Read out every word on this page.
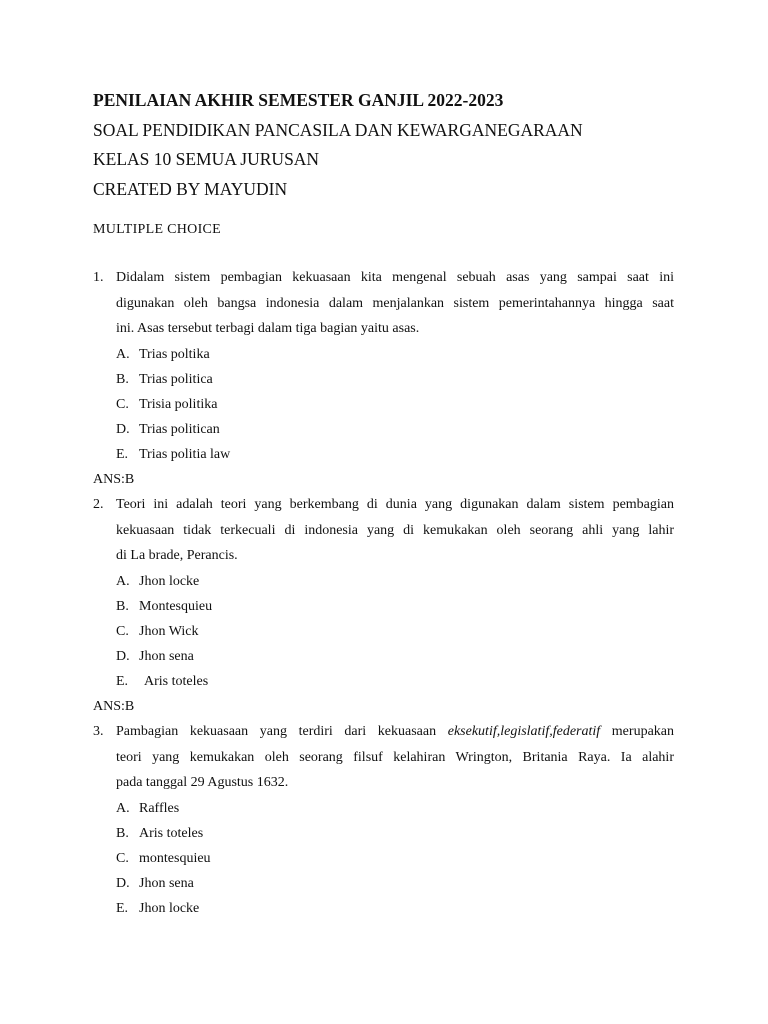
PENILAIAN AKHIR SEMESTER GANJIL 2022-2023
SOAL PENDIDIKAN PANCASILA DAN KEWARGANEGARAAN
KELAS 10 SEMUA JURUSAN
CREATED BY MAYUDIN
MULTIPLE CHOICE
1. Didalam sistem pembagian kekuasaan kita mengenal sebuah asas yang sampai saat ini
digunakan oleh bangsa indonesia dalam menjalankan sistem pemerintahannya hingga saat
ini. Asas tersebut terbagi dalam tiga bagian yaitu asas.
A. Trias poltika
B. Trias politica
C. Trisia politika
D. Trias politican
E. Trias politia law
ANS:B
2. Teori ini adalah teori yang berkembang di dunia yang digunakan dalam sistem pembagian
kekuasaan tidak terkecuali di indonesia yang di kemukakan oleh seorang ahli yang lahir
di La brade, Perancis.
A. Jhon locke
B. Montesquieu
C. Jhon Wick
D. Jhon sena
E. Aris toteles
ANS:B
3. Pambagian kekuasaan yang terdiri dari kekuasaan eksekutif,legislatif,federatif merupakan
teori yang kemukakan oleh seorang filsuf kelahiran Wrington, Britania Raya. Ia alahir
pada tanggal 29 Agustus 1632.
A. Raffles
B. Aris toteles
C. montesquieu
D. Jhon sena
E. Jhon locke
